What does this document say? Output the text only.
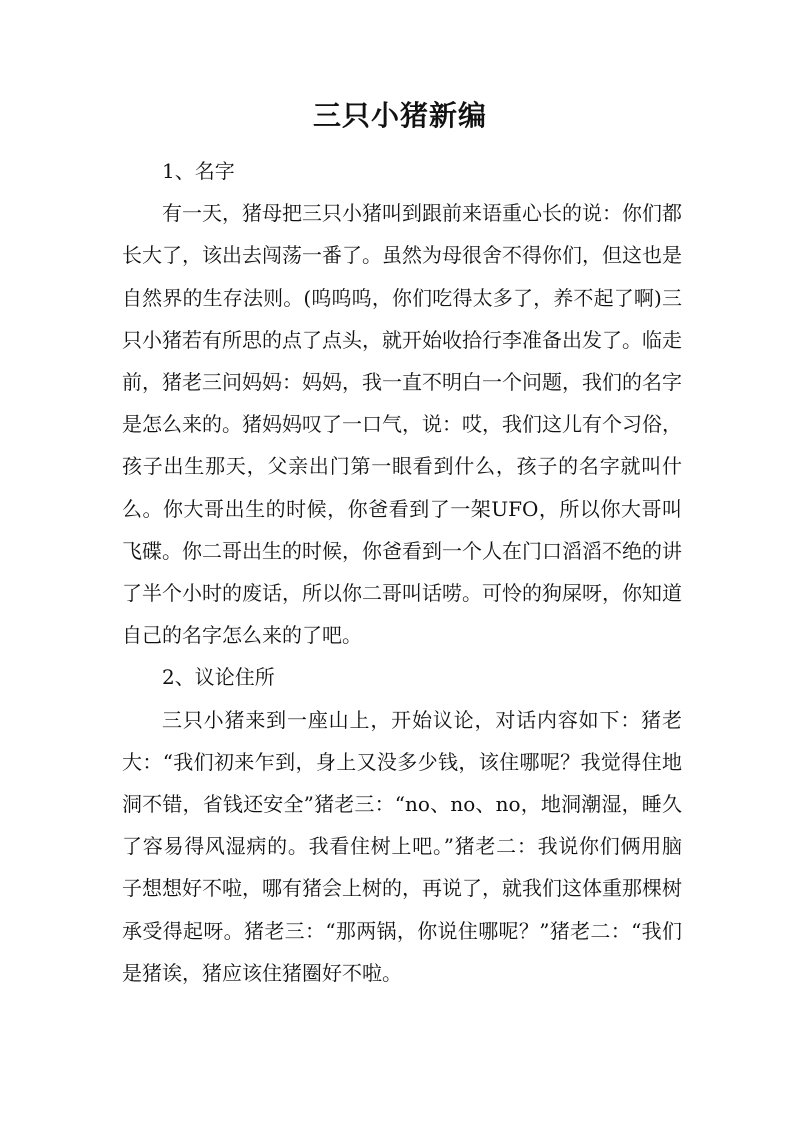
三只小猪新编

1、名字

有一天，猪母把三只小猪叫到跟前来语重心长的说：你们都长大了，该出去闯荡一番了。虽然为母很舍不得你们，但这也是自然界的生存法则。(呜呜呜，你们吃得太多了，养不起了啊)三只小猪若有所思的点了点头，就开始收拾行李准备出发了。临走前，猪老三问妈妈：妈妈，我一直不明白一个问题，我们的名字是怎么来的。猪妈妈叹了一口气，说：哎，我们这儿有个习俗，孩子出生那天，父亲出门第一眼看到什么，孩子的名字就叫什么。你大哥出生的时候，你爸看到了一架UFO，所以你大哥叫飞碟。你二哥出生的时候，你爸看到一个人在门口滔滔不绝的讲了半个小时的废话，所以你二哥叫话唠。可怜的狗屎呀，你知道自己的名字怎么来的了吧。

2、议论住所

三只小猪来到一座山上，开始议论，对话内容如下：猪老大：“我们初来乍到，身上又没多少钱，该住哪呢？我觉得住地洞不错，省钱还安全”猪老三：“no、no、no，地洞潮湿，睡久了容易得风湿病的。我看住树上吧。”猪老二：我说你们俩用脑子想想好不啦，哪有猪会上树的，再说了，就我们这体重那棵树承受得起呀。猪老三：“那两锅，你说住哪呢？”猪老二：“我们是猪诶，猪应该住猪圈好不啦。
